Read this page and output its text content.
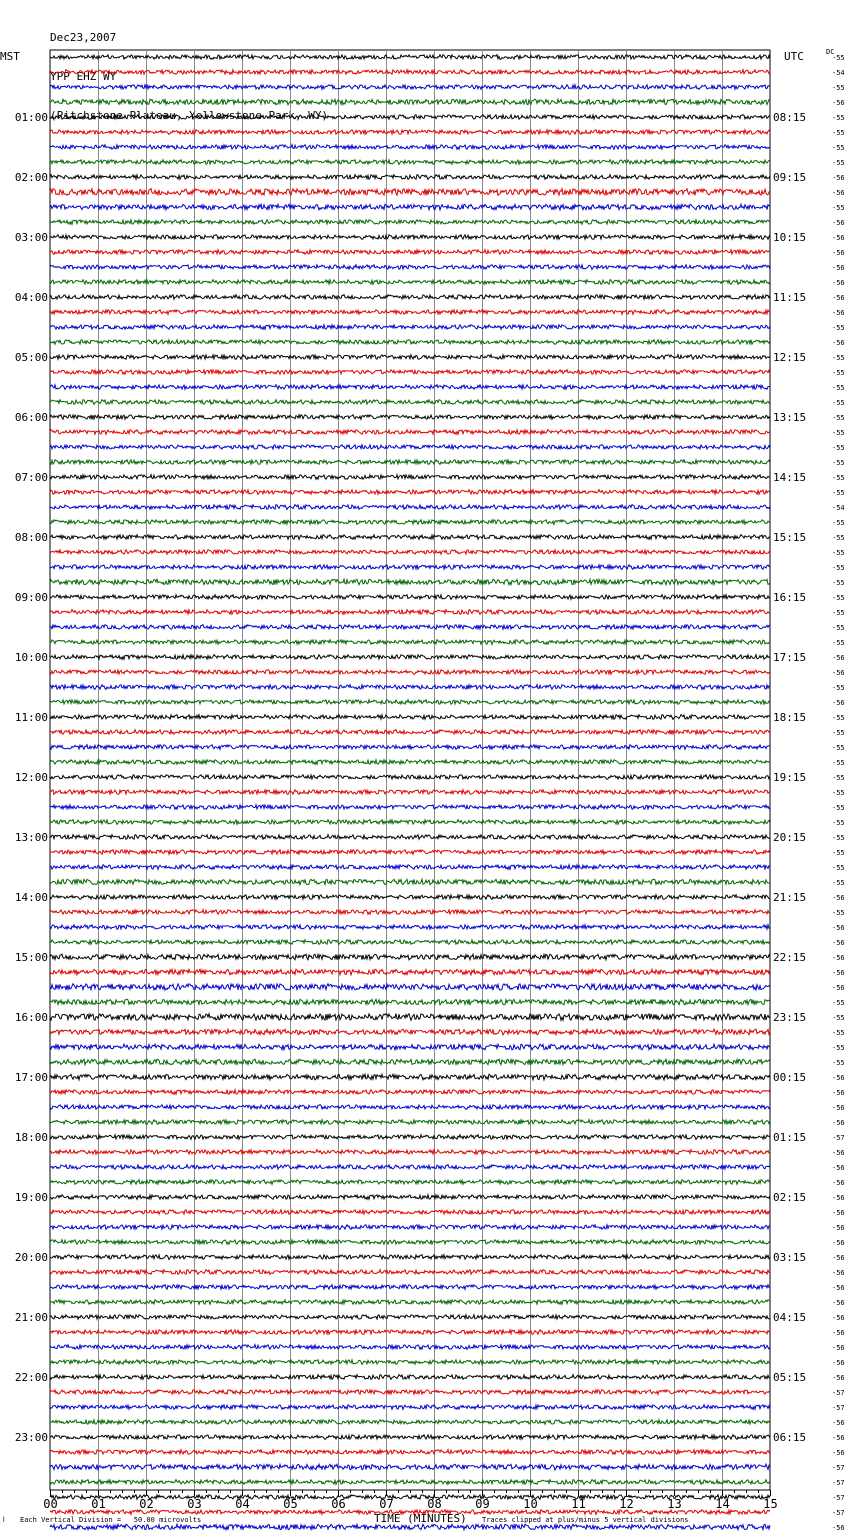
Dec23,2007

YPP EHZ WY

(Pitchstone Plateau, Yellowstone Park, WY)

MST	UTC	DC
01:00
02:00
03:00
04:00
05:00
06:00
07:00
08:00
09:00
10:00
11:00
12:00
13:00
14:00
15:00
16:00
17:00
18:00
19:00
20:00
21:00
22:00
23:00
08:15
09:15
10:15
11:15
12:15
13:15
14:15
15:15
16:15
17:15
18:15
19:15
20:15
21:15
22:15
23:15
00:15
01:15
02:15
03:15
04:15
05:15
06:15
-55
-54
-55
-56
-55
-55
-55
-55
-56
-56
-55
-56
-56
-56
-56
-56
-56
-56
-55
-56
-55
-55
-55
-55
-55
-55
-55
-55
-55
-55
-54
-55
-55
-55
-55
-55
-55
-55
-55
-55
-56
-56
-55
-56
-55
-55
-55
-55
-55
-55
-55
-55
-55
-55
-55
-55
-56
-55
-56
-56
-56
-56
-56
-55
-55
-55
-55
-55
-56
-56
-56
-56
-57
-56
-56
-56
-56
-56
-56
-56
-56
-56
-56
-56
-56
-56
-56
-56
-56
-57
-57
-56
-56
-56
-57
-57
-57
-57
-56
00	01	02	03	04	05	06	07	08	09	10	11	12	13	14	15
⌇ Each Vertical Division =   50.00 microvolts	TIME (MINUTES) Traces clipped at plus/minus 5 vertical divisions
